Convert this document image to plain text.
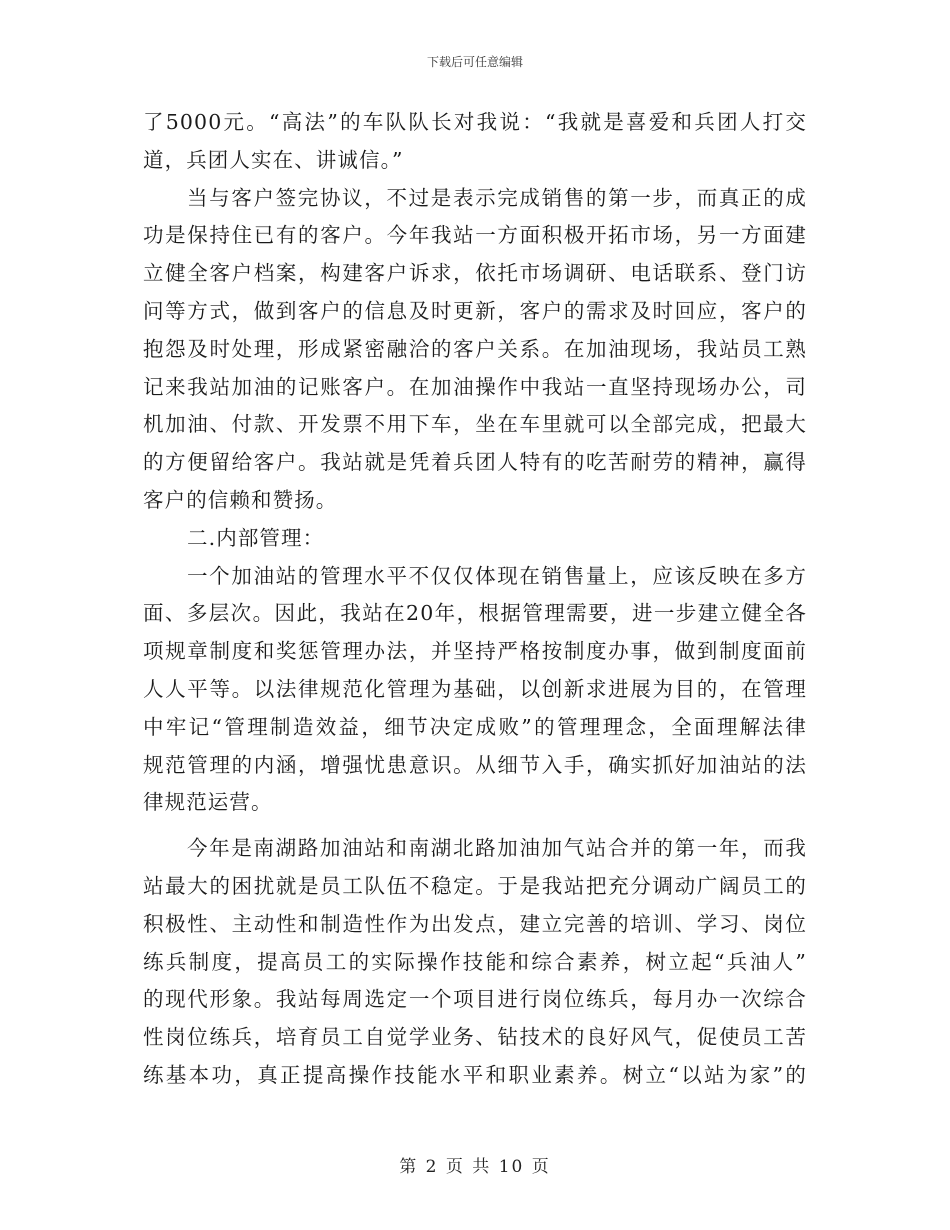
下载后可任意编辑
了5000元。“高法”的车队队长对我说：“我就是喜爱和兵团人打交
道，兵团人实在、讲诚信。”
当与客户签完协议，不过是表示完成销售的第一步，而真正的成
功是保持住已有的客户。今年我站一方面积极开拓市场，另一方面建
立健全客户档案，构建客户诉求，依托市场调研、电话联系、登门访
问等方式，做到客户的信息及时更新，客户的需求及时回应，客户的
抱怨及时处理，形成紧密融洽的客户关系。在加油现场，我站员工熟
记来我站加油的记账客户。在加油操作中我站一直坚持现场办公，司
机加油、付款、开发票不用下车，坐在车里就可以全部完成，把最大
的方便留给客户。我站就是凭着兵团人特有的吃苦耐劳的精神，赢得
客户的信赖和赞扬。
二.内部管理：
一个加油站的管理水平不仅仅体现在销售量上，应该反映在多方
面、多层次。因此，我站在20年，根据管理需要，进一步建立健全各
项规章制度和奖惩管理办法，并坚持严格按制度办事，做到制度面前
人人平等。以法律规范化管理为基础，以创新求进展为目的，在管理
中牢记“管理制造效益，细节决定成败”的管理理念，全面理解法律
规范管理的内涵，增强忧患意识。从细节入手，确实抓好加油站的法
律规范运营。
今年是南湖路加油站和南湖北路加油加气站合并的第一年，而我
站最大的困扰就是员工队伍不稳定。于是我站把充分调动广阔员工的
积极性、主动性和制造性作为出发点，建立完善的培训、学习、岗位
练兵制度，提高员工的实际操作技能和综合素养，树立起“兵油人”
的现代形象。我站每周选定一个项目进行岗位练兵，每月办一次综合
性岗位练兵，培育员工自觉学业务、钻技术的良好风气，促使员工苦
练基本功，真正提高操作技能水平和职业素养。树立“以站为家”的
第 2 页 共 10 页
